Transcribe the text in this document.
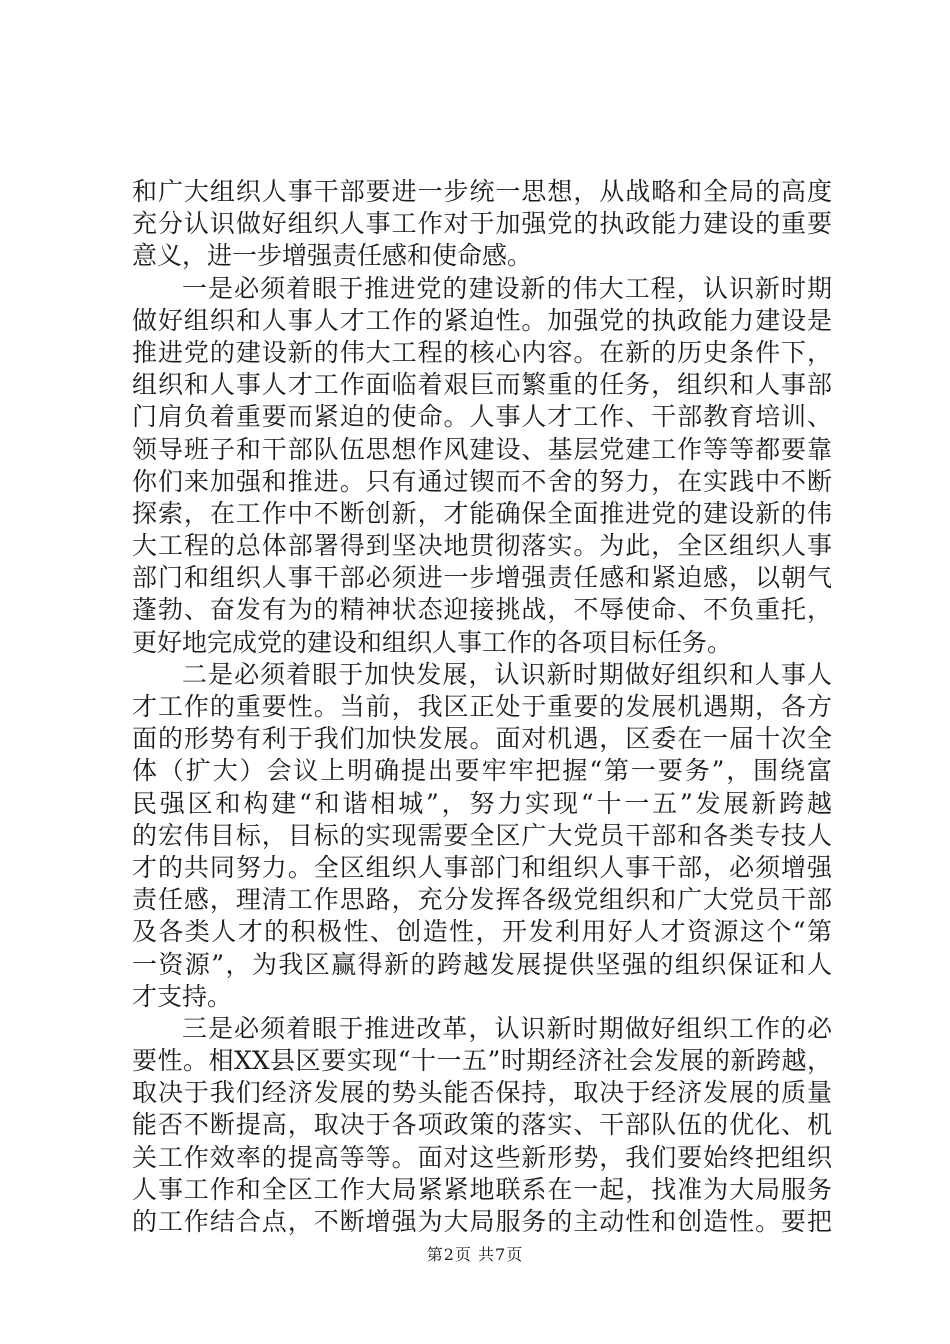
和广大组织人事干部要进一步统一思想，从战略和全局的高度
充分认识做好组织人事工作对于加强党的执政能力建设的重要
意义，进一步增强责任感和使命感。
一是必须着眼于推进党的建设新的伟大工程，认识新时期
做好组织和人事人才工作的紧迫性。加强党的执政能力建设是
推进党的建设新的伟大工程的核心内容。在新的历史条件下，
组织和人事人才工作面临着艰巨而繁重的任务，组织和人事部
门肩负着重要而紧迫的使命。人事人才工作、干部教育培训、
领导班子和干部队伍思想作风建设、基层党建工作等等都要靠
你们来加强和推进。只有通过锲而不舍的努力，在实践中不断
探索，在工作中不断创新，才能确保全面推进党的建设新的伟
大工程的总体部署得到坚决地贯彻落实。为此，全区组织人事
部门和组织人事干部必须进一步增强责任感和紧迫感，以朝气
蓬勃、奋发有为的精神状态迎接挑战，不辱使命、不负重托，
更好地完成党的建设和组织人事工作的各项目标任务。
二是必须着眼于加快发展，认识新时期做好组织和人事人
才工作的重要性。当前，我区正处于重要的发展机遇期，各方
面的形势有利于我们加快发展。面对机遇，区委在一届十次全
体（扩大）会议上明确提出要牢牢把握“第一要务”，围绕富
民强区和构建“和谐相城”，努力实现“十一五”发展新跨越
的宏伟目标，目标的实现需要全区广大党员干部和各类专技人
才的共同努力。全区组织人事部门和组织人事干部，必须增强
责任感，理清工作思路，充分发挥各级党组织和广大党员干部
及各类人才的积极性、创造性，开发利用好人才资源这个“第
一资源”，为我区赢得新的跨越发展提供坚强的组织保证和人
才支持。
三是必须着眼于推进改革，认识新时期做好组织工作的必
要性。相XX县区要实现“十一五”时期经济社会发展的新跨越，
取决于我们经济发展的势头能否保持，取决于经济发展的质量
能否不断提高，取决于各项政策的落实、干部队伍的优化、机
关工作效率的提高等等。面对这些新形势，我们要始终把组织
人事工作和全区工作大局紧紧地联系在一起，找准为大局服务
的工作结合点，不断增强为大局服务的主动性和创造性。要把
第2页 共7页
